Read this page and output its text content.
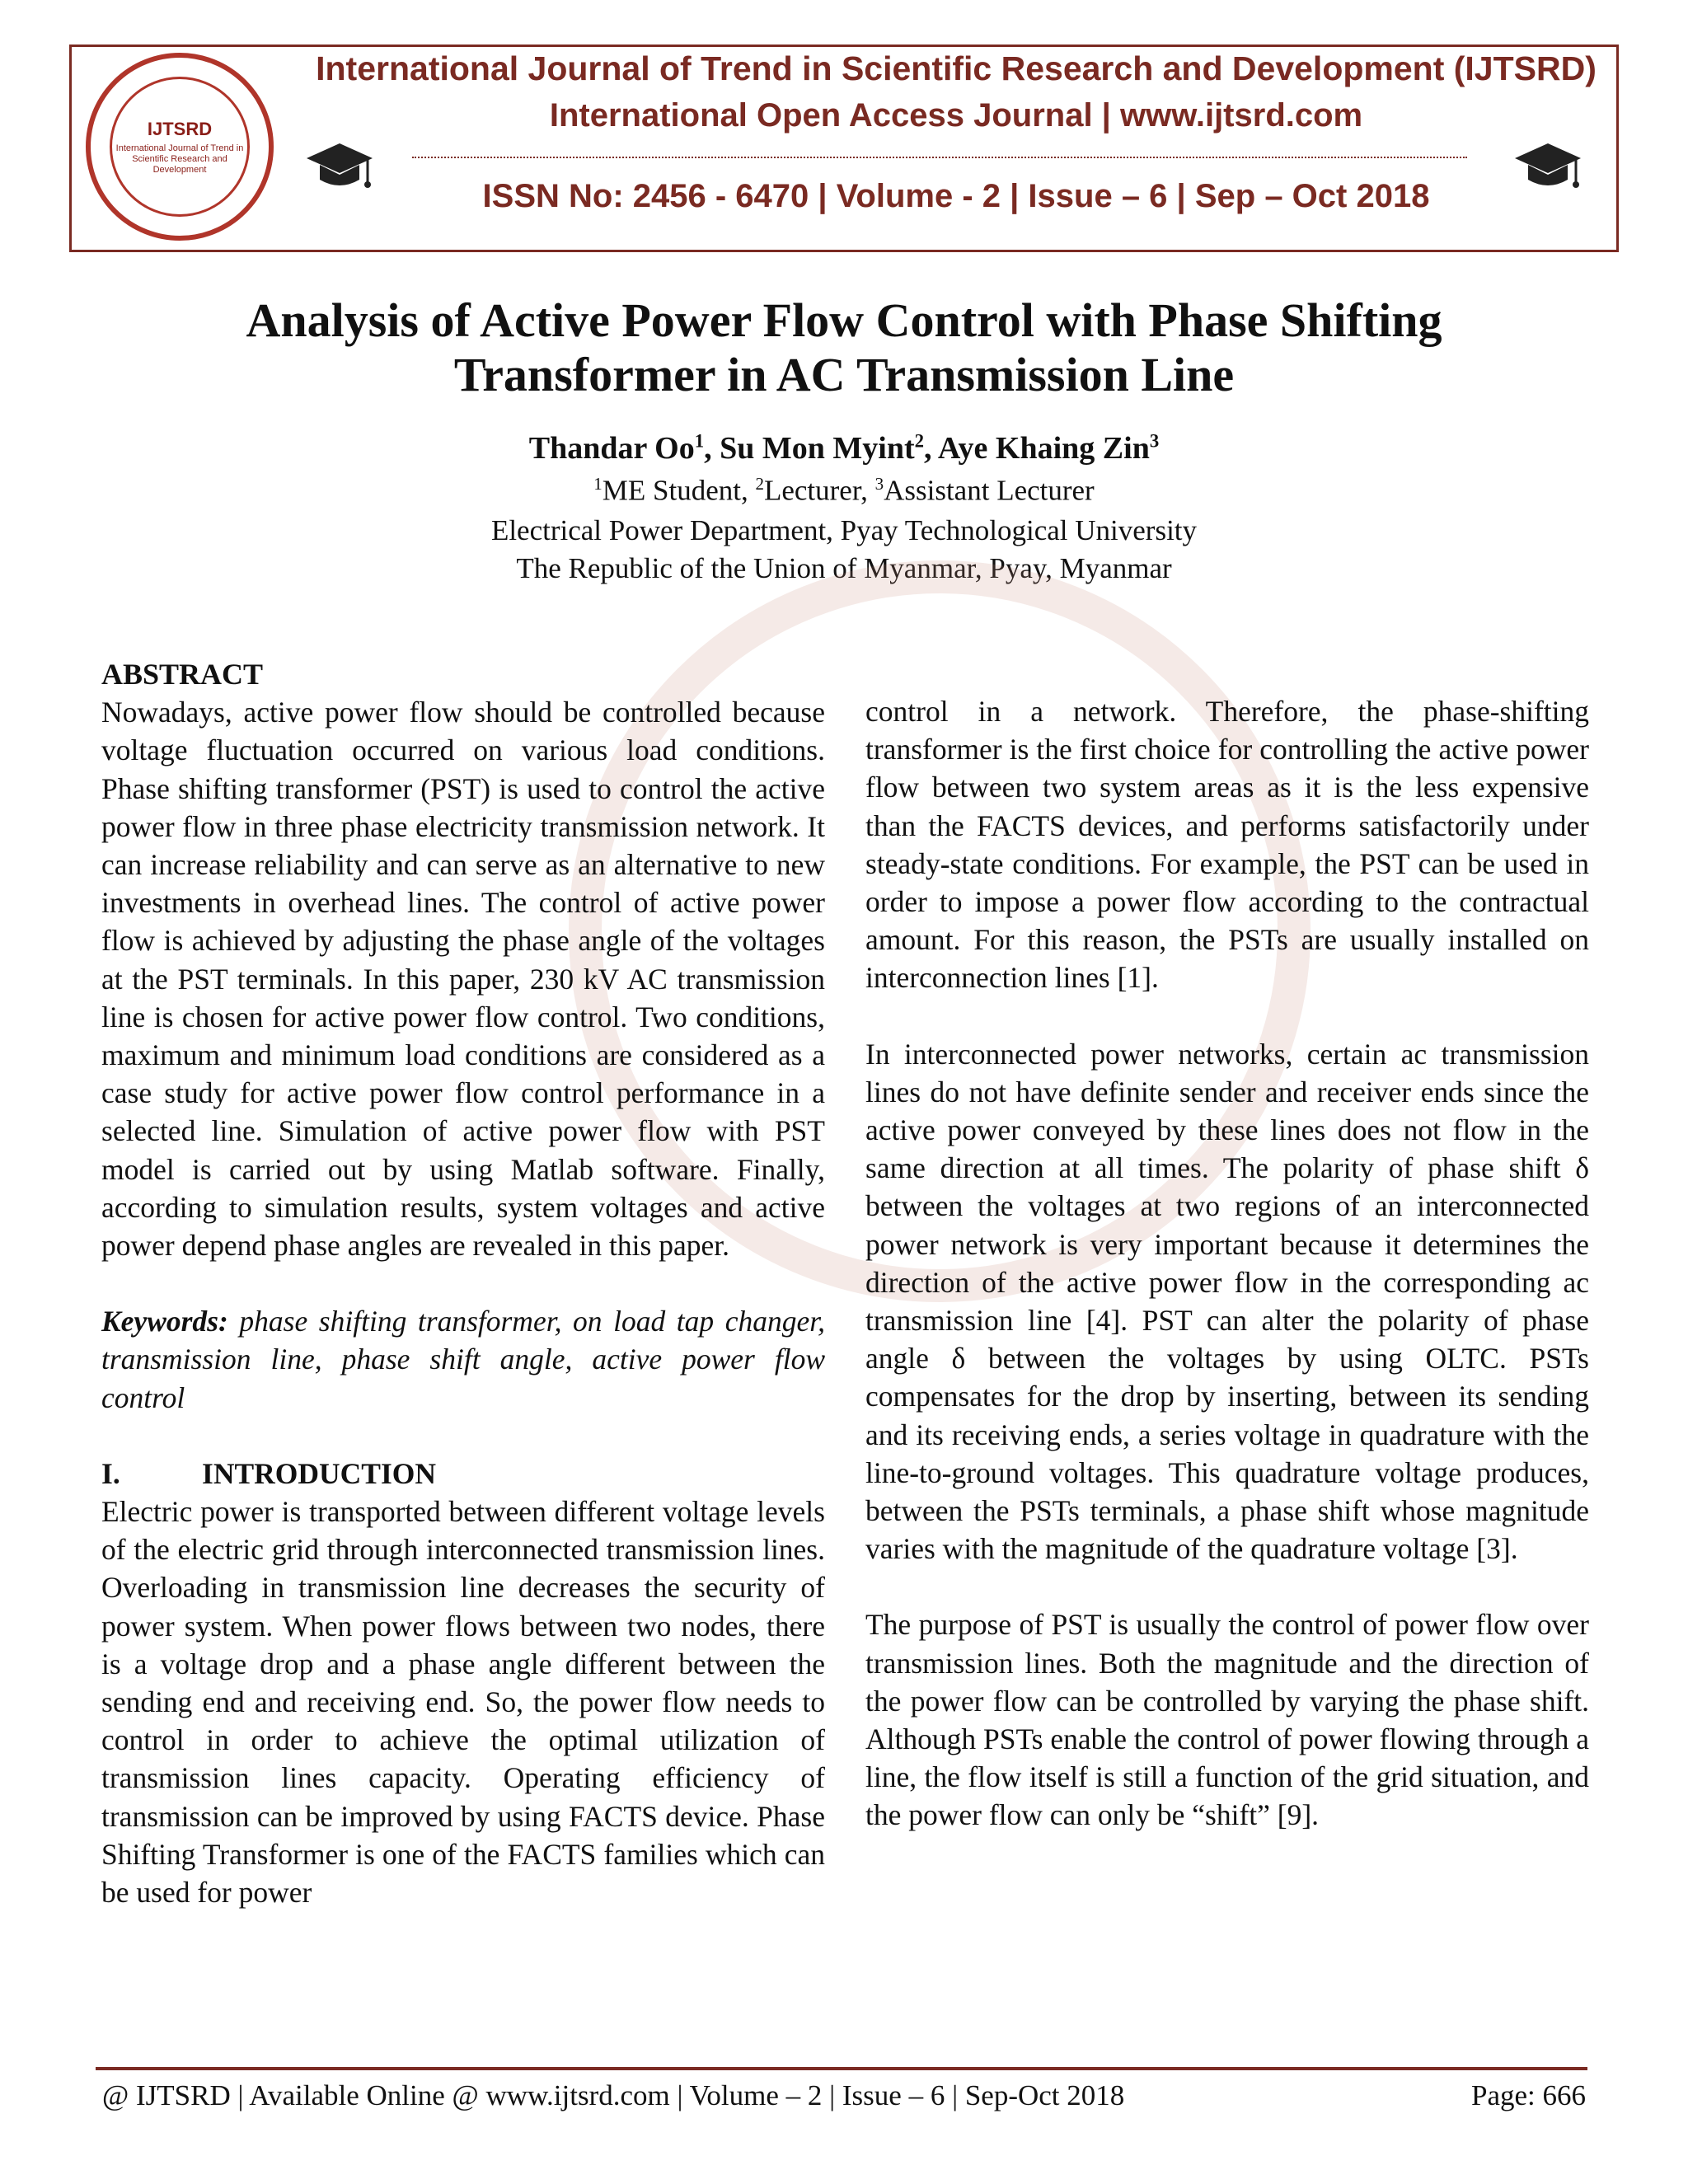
IJTSRD
International Journal of Trend in Scientific Research and Development
International Journal of Trend in Scientific Research and Development (IJTSRD)
International Open Access Journal | www.ijtsrd.com
ISSN No: 2456 - 6470 | Volume - 2 | Issue – 6 | Sep – Oct 2018
Analysis of Active Power Flow Control with Phase Shifting
Transformer in AC Transmission Line
Thandar Oo$^1$, Su Mon Myint$^2$, Aye Khaing Zin$^3$
$^1$ME Student, $^2$Lecturer, $^3$Assistant Lecturer
Electrical Power Department, Pyay Technological University
The Republic of the Union of Myanmar, Pyay, Myanmar
ABSTRACT

Nowadays, active power flow should be controlled because voltage fluctuation occurred on various load conditions. Phase shifting transformer (PST) is used to control the active power flow in three phase electricity transmission network. It can increase reliability and can serve as an alternative to new investments in overhead lines. The control of active power flow is achieved by adjusting the phase angle of the voltages at the PST terminals. In this paper, 230 kV AC transmission line is chosen for active power flow control. Two conditions, maximum and minimum load conditions are considered as a case study for active power flow control performance in a selected line. Simulation of active power flow with PST model is carried out by using Matlab software. Finally, according to simulation results, system voltages and active power depend phase angles are revealed in this paper.

Keywords: phase shifting transformer, on load tap changer, transmission line, phase shift angle, active power flow control

I.	INTRODUCTION

Electric power is transported between different voltage levels of the electric grid through interconnected transmission lines. Overloading in transmission line decreases the security of power system. When power flows between two nodes, there is a voltage drop and a phase angle different between the sending end and receiving end. So, the power flow needs to control in order to achieve the optimal utilization of transmission lines capacity. Operating efficiency of transmission can be improved by using FACTS device. Phase Shifting Transformer is one of the FACTS families which can be used for power

control in a network. Therefore, the phase-shifting transformer is the first choice for controlling the active power flow between two system areas as it is the less expensive than the FACTS devices, and performs satisfactorily under steady-state conditions. For example, the PST can be used in order to impose a power flow according to the contractual amount. For this reason, the PSTs are usually installed on interconnection lines [1].

In interconnected power networks, certain ac transmission lines do not have definite sender and receiver ends since the active power conveyed by these lines does not flow in the same direction at all times. The polarity of phase shift δ between the voltages at two regions of an interconnected power network is very important because it determines the direction of the active power flow in the corresponding ac transmission line [4]. PST can alter the polarity of phase angle δ between the voltages by using OLTC. PSTs compensates for the drop by inserting, between its sending and its receiving ends, a series voltage in quadrature with the line-to-ground voltages. This quadrature voltage produces, between the PSTs terminals, a phase shift whose magnitude varies with the magnitude of the quadrature voltage [3].

The purpose of PST is usually the control of power flow over transmission lines. Both the magnitude and the direction of the power flow can be controlled by varying the phase shift. Although PSTs enable the control of power flowing through a line, the flow itself is still a function of the grid situation, and the power flow can only be “shift” [9].

@ IJTSRD | Available Online @ www.ijtsrd.com | Volume – 2 | Issue – 6 | Sep-Oct 2018	Page: 666
